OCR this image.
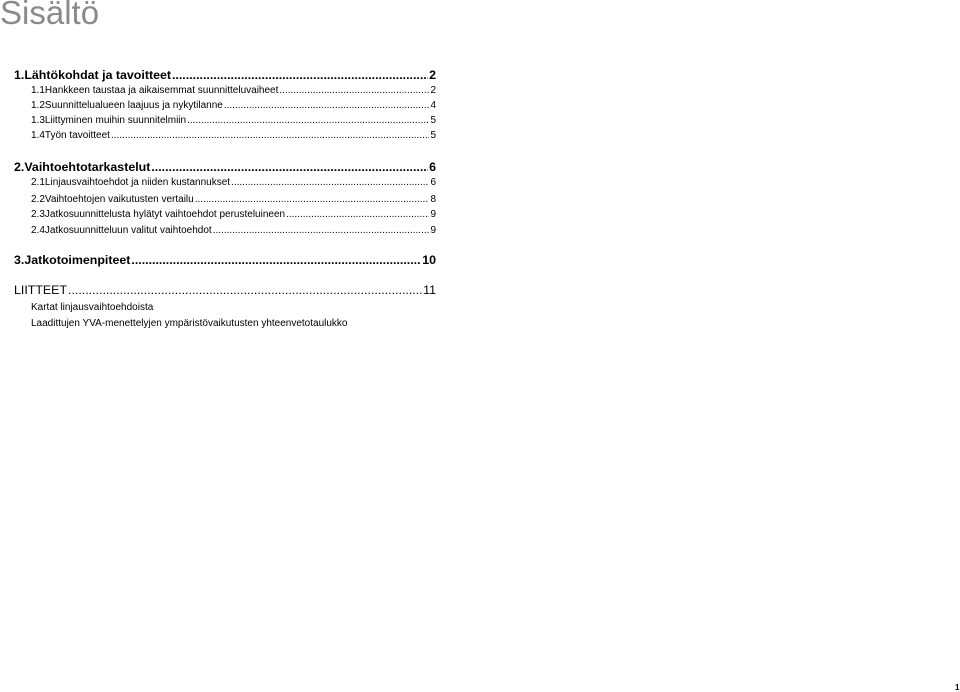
Sisältö
1. Lähtökohdat ja tavoitteet .....	2
1.1 Hankkeen taustaa ja aikaisemmat suunnitteluvaiheet .....	2
1.2 Suunnittelualueen laajuus ja nykytilanne .....	4
1.3 Liittyminen muihin suunnitelmiin .....	5
1.4 Työn tavoitteet .....	5
2. Vaihtoehtotarkastelut .....	6
2.1 Linjausvaihtoehdot ja niiden kustannukset .....	6
2.2 Vaihtoehtojen vaikutusten vertailu .....	8
2.3 Jatkosuunnittelusta hylätyt vaihtoehdot perusteluineen .....	9
2.4 Jatkosuunnitteluun valitut vaihtoehdot .....	9
3. Jatkotoimenpiteet .....	10
LIITTEET .....	11
Kartat linjausvaihtoehdoista
Laadittujen YVA-menettelyjen ympäristövaikutusten yhteenvetotaulukko
1
